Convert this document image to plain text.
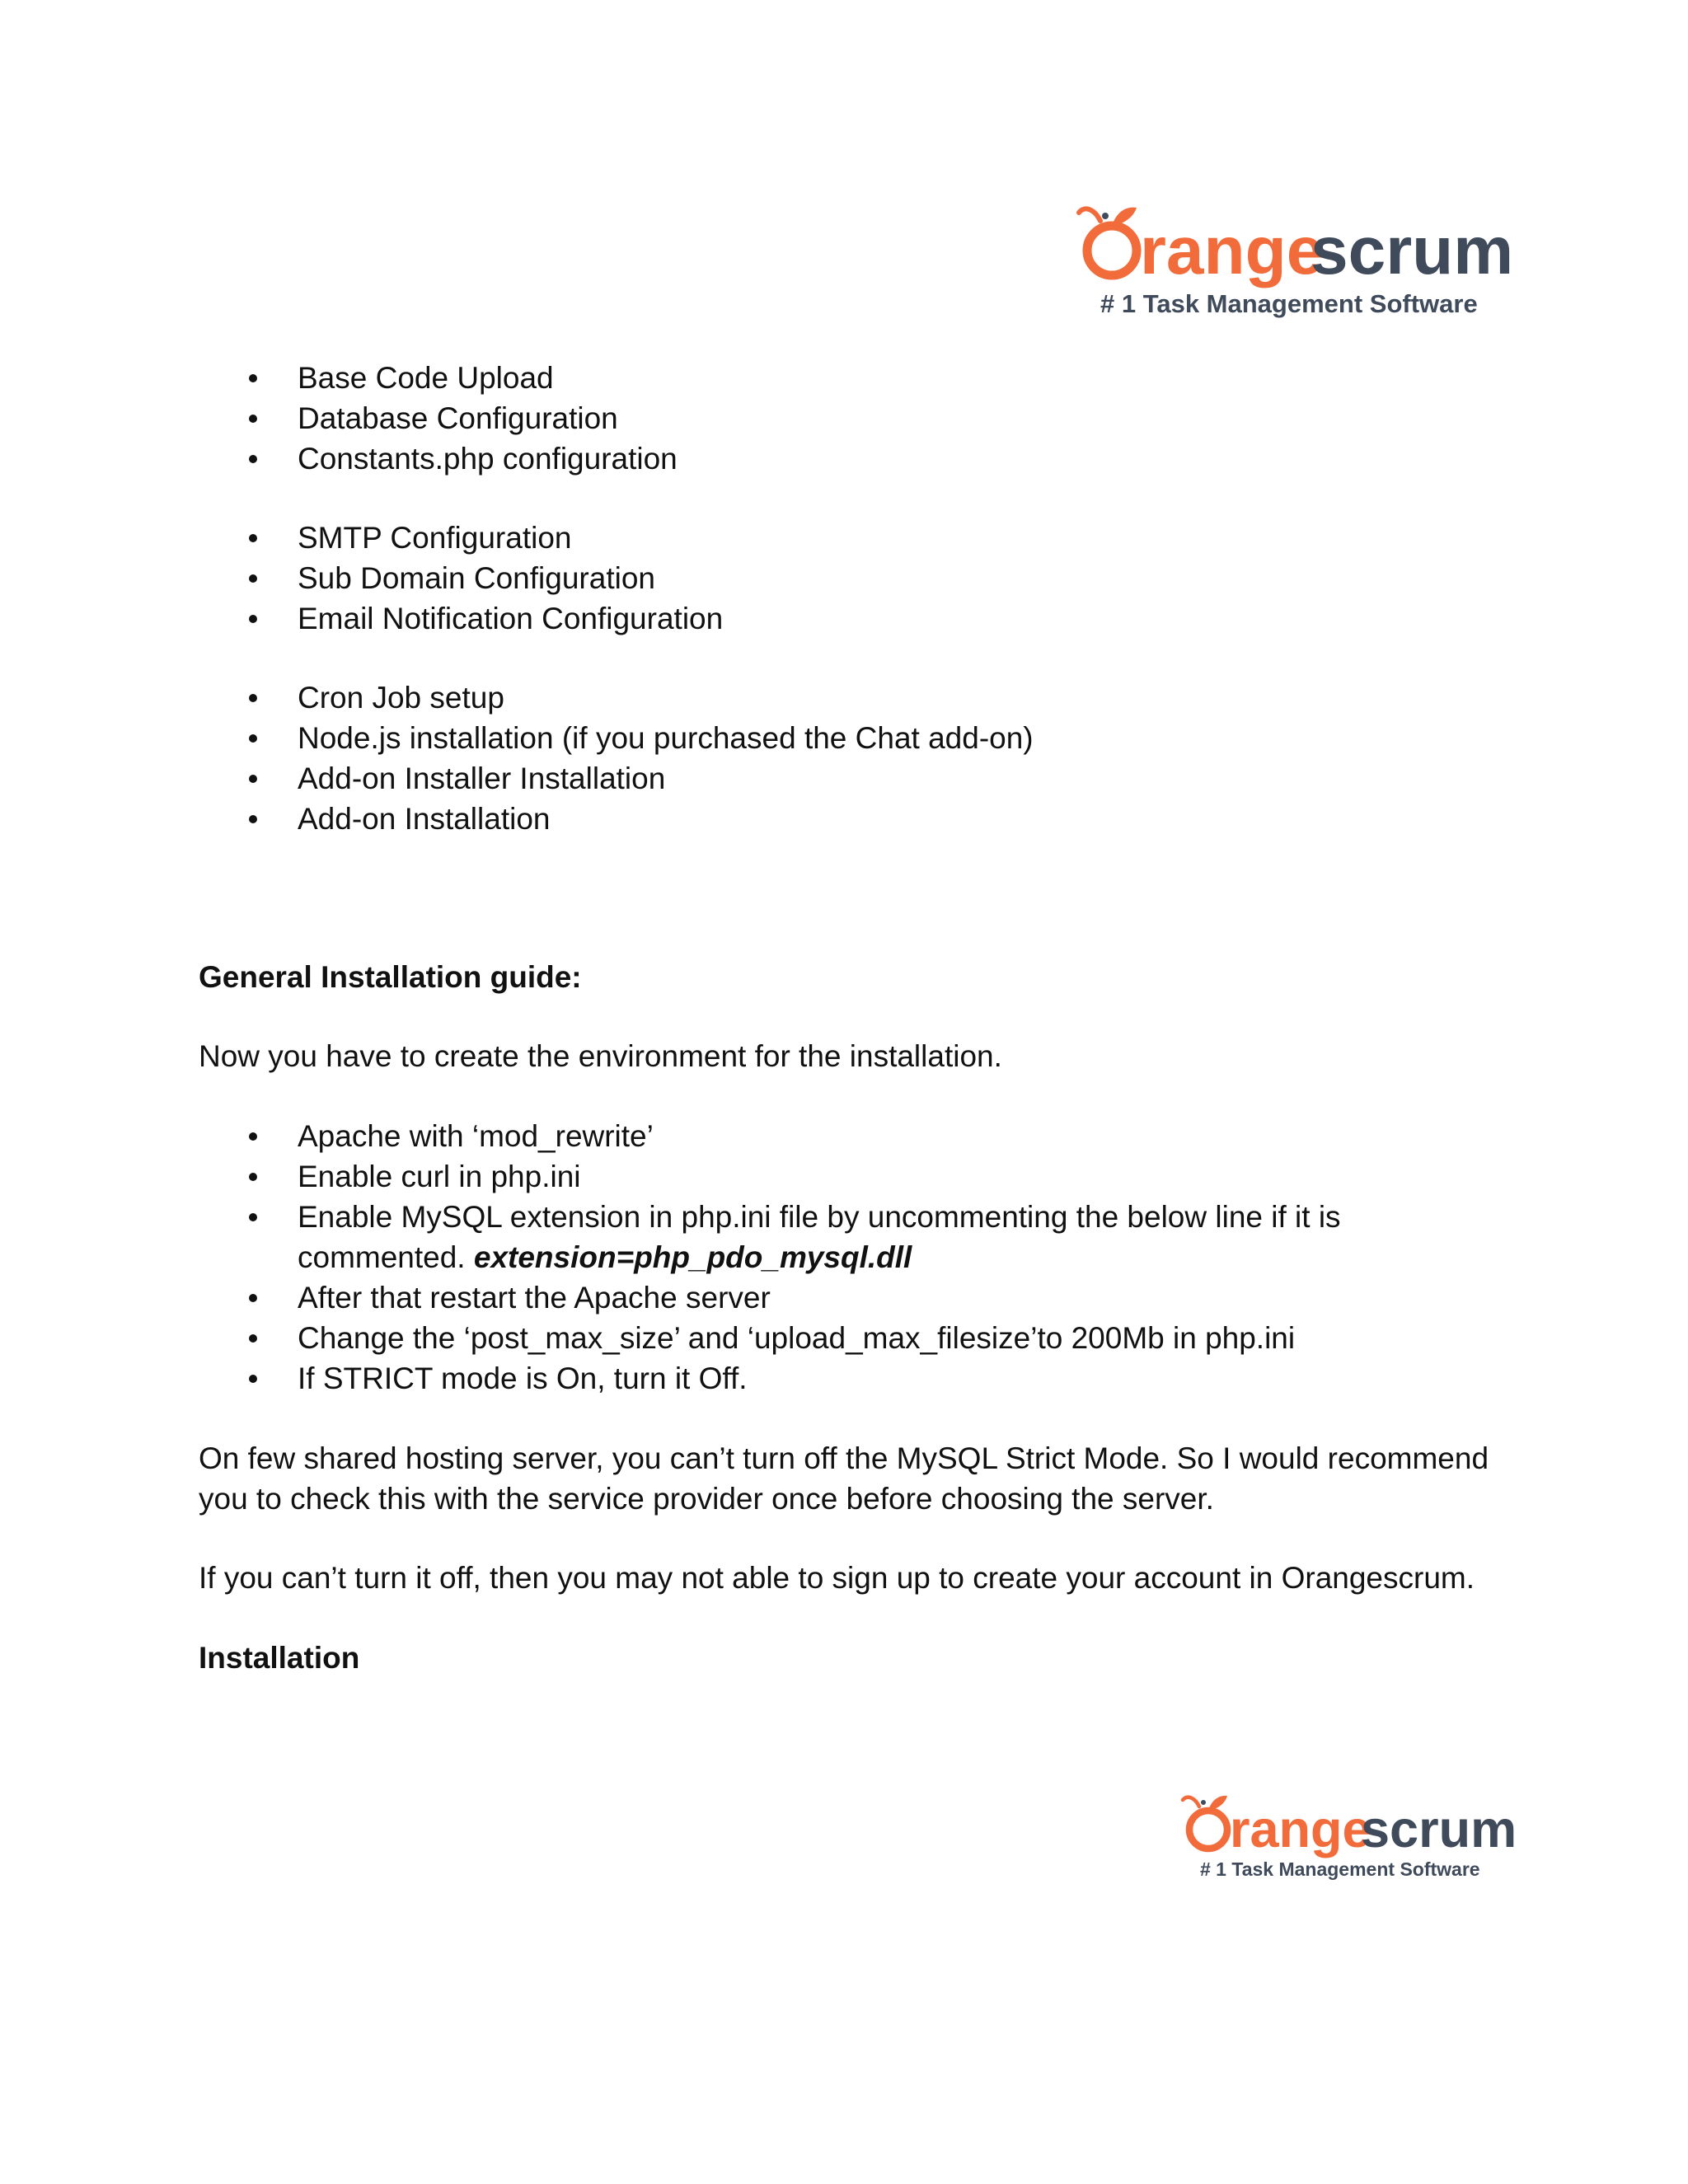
range
scrum
# 1 Task Management Software
Base Code Upload
Database Configuration
Constants.php configuration
SMTP Configuration
Sub Domain Configuration
Email Notification Configuration
Cron Job setup
Node.js installation (if you purchased the Chat add-on)
Add-on Installer Installation
Add-on Installation
General Installation guide:
Now you have to create the environment for the installation.
Apache with ‘mod_rewrite’
Enable curl in php.ini
Enable MySQL extension in php.ini file by uncommenting the below line if it is
commented. extension=php_pdo_mysql.dll
After that restart the Apache server
Change the ‘post_max_size’ and ‘upload_max_filesize’to 200Mb in php.ini
If STRICT mode is On, turn it Off.
On few shared hosting server, you can’t turn off the MySQL Strict Mode. So I would recommend
you to check this with the service provider once before choosing the server.
If you can’t turn it off, then you may not able to sign up to create your account in Orangescrum.
Installation
range
scrum
# 1 Task Management Software
